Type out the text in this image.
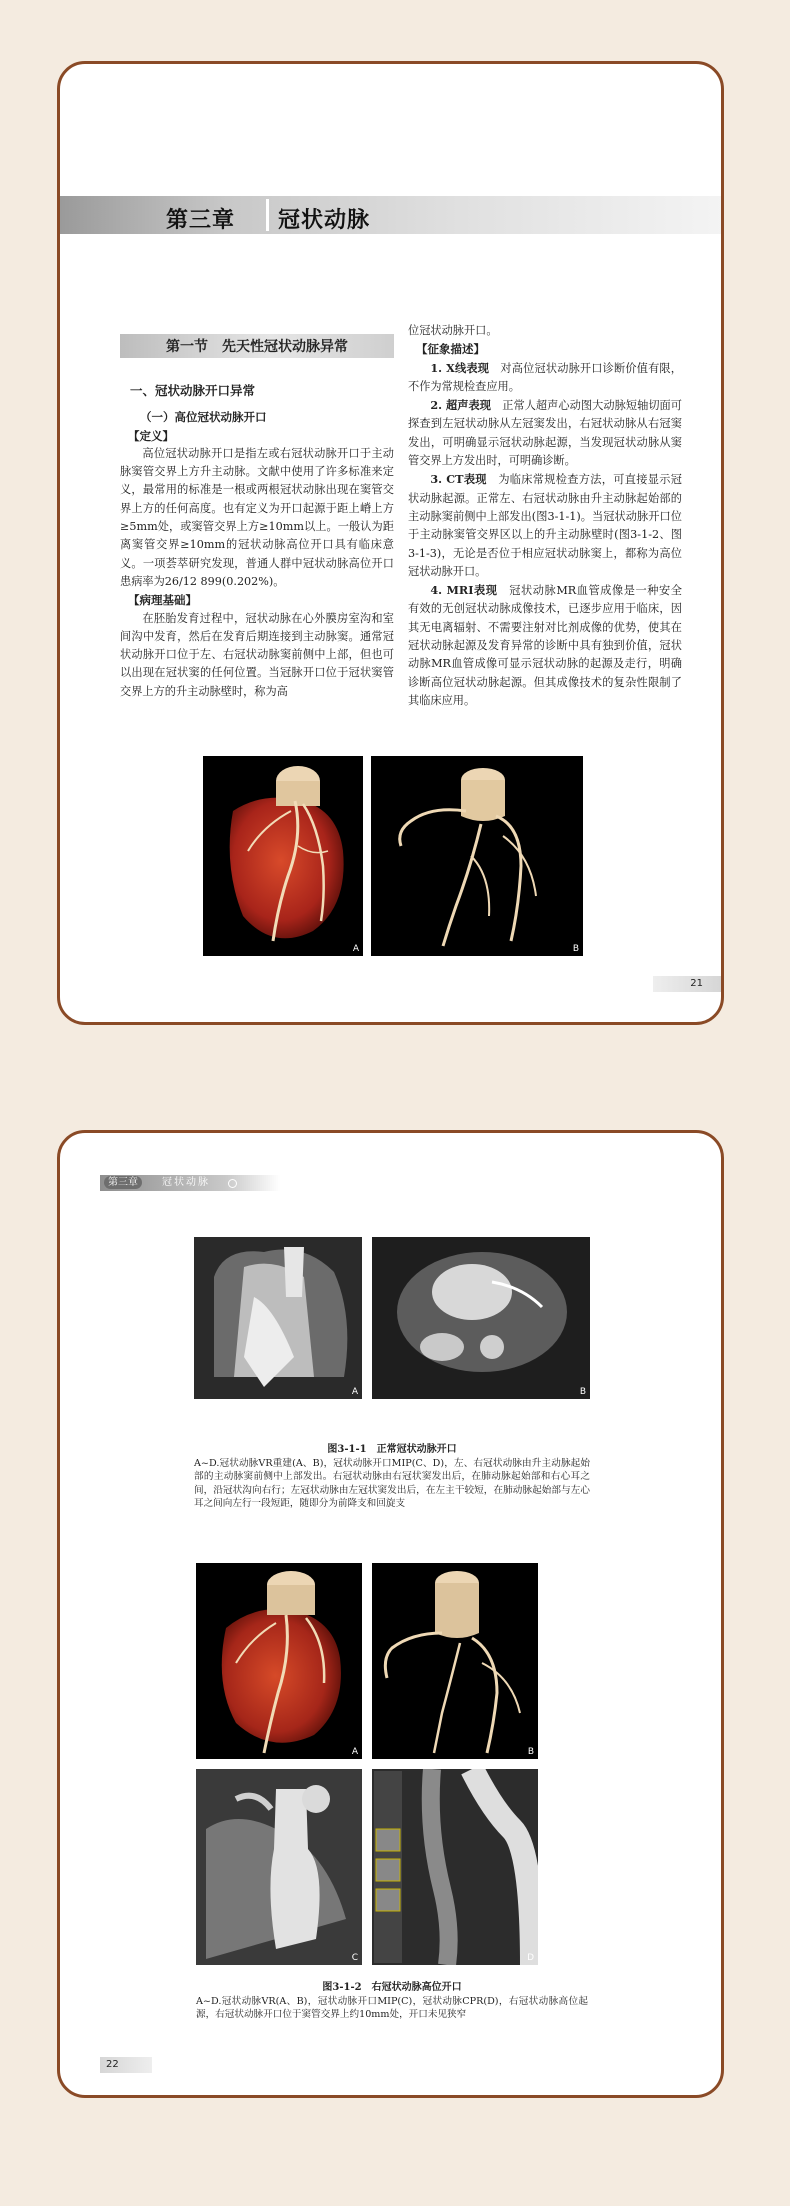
第三章 冠状动脉
第一节　先天性冠状动脉异常

一、冠状动脉开口异常

（一）高位冠状动脉开口

【定义】

高位冠状动脉开口是指左或右冠状动脉开口于主动脉窦管交界上方升主动脉。文献中使用了许多标准来定义，最常用的标准是一根或两根冠状动脉出现在窦管交界上方的任何高度。也有定义为开口起源于距上嵴上方≥5mm处，或窦管交界上方≥10mm以上。一般认为距离窦管交界≥10mm的冠状动脉高位开口具有临床意义。一项荟萃研究发现，普通人群中冠状动脉高位开口患病率为26/12 899(0.202%)。

【病理基础】

在胚胎发育过程中，冠状动脉在心外膜房室沟和室间沟中发育，然后在发育后期连接到主动脉窦。通常冠状动脉开口位于左、右冠状动脉窦前侧中上部，但也可以出现在冠状窦的任何位置。当冠脉开口位于冠状窦管交界上方的升主动脉壁时，称为高

位冠状动脉开口。

【征象描述】

1. X线表现　 对高位冠状动脉开口诊断价值有限，不作为常规检查应用。

2. 超声表现　 正常人超声心动图大动脉短轴切面可探查到左冠状动脉从左冠窦发出，右冠状动脉从右冠窦发出，可明确显示冠状动脉起源，当发现冠状动脉从窦管交界上方发出时，可明确诊断。

3. CT表现　 为临床常规检查方法，可直接显示冠状动脉起源。正常左、右冠状动脉由升主动脉起始部的主动脉窦前侧中上部发出(图3-1-1)。当冠状动脉开口位于主动脉窦管交界区以上的升主动脉壁时(图3-1-2、图3-1-3)，无论是否位于相应冠状动脉窦上，都称为高位冠状动脉开口。

4. MRI表现　 冠状动脉MR血管成像是一种安全有效的无创冠状动脉成像技术，已逐步应用于临床，因其无电离辐射、不需要注射对比剂成像的优势，使其在冠状动脉起源及发育异常的诊断中具有独到价值，冠状动脉MR血管成像可显示冠状动脉的起源及走行，明确诊断高位冠状动脉起源。但其成像技术的复杂性限制了其临床应用。

A	B
21
第三章	冠状动脉
A	B
图3-1-1　正常冠状动脉开口
A~D.冠状动脉VR重建(A、B)，冠状动脉开口MIP(C、D)，左、右冠状动脉由升主动脉起始部的主动脉窦前侧中上部发出。右冠状动脉由右冠状窦发出后，在肺动脉起始部和右心耳之间，沿冠状沟向右行；左冠状动脉由左冠状窦发出后，在左主干较短，在肺动脉起始部与左心耳之间向左行一段短距，随即分为前降支和回旋支
A	B
C	D
图3-1-2　右冠状动脉高位开口
A~D.冠状动脉VR(A、B)，冠状动脉开口MIP(C)，冠状动脉CPR(D)，右冠状动脉高位起源，右冠状动脉开口位于窦管交界上约10mm处，开口未见狭窄
22
